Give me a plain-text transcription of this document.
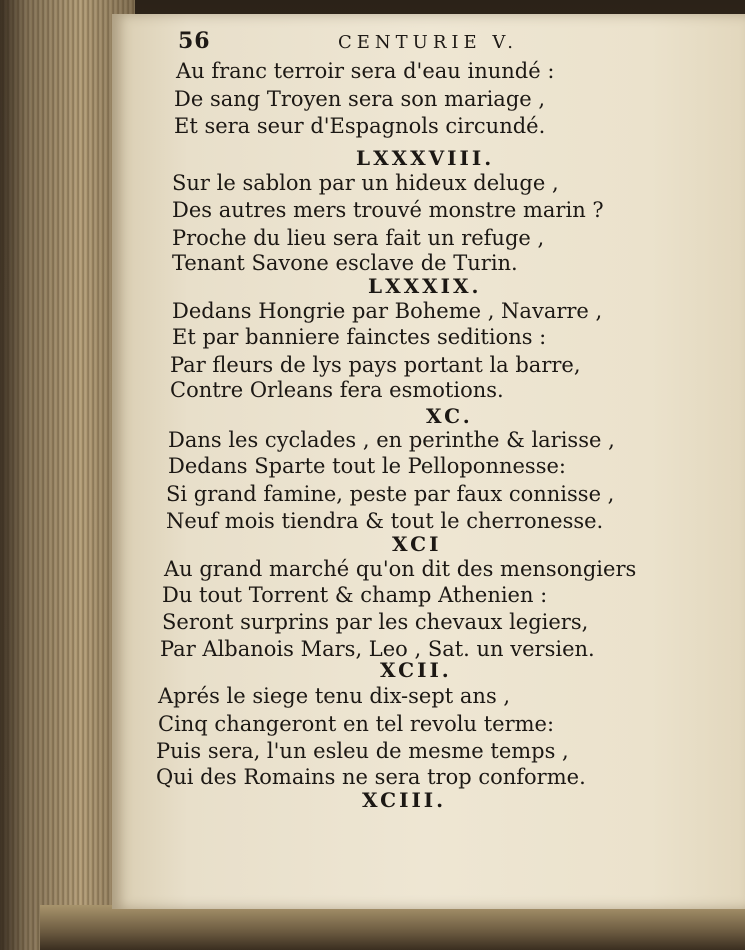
56	CENTURIE V.
Au franc terroir sera d'eau inundé :
De sang Troyen sera son mariage ,
Et sera seur d'Espagnols circundé.
LXXXVIII.
Sur le sablon par un hideux deluge ,
Des autres mers trouvé monstre marin ?
Proche du lieu sera fait un refuge ,
Tenant Savone esclave de Turin.
LXXXIX.
Dedans Hongrie par Boheme , Navarre ,
Et par banniere fainctes seditions :
Par fleurs de lys pays portant la barre,
Contre Orleans fera esmotions.
XC.
Dans les cyclades , en perinthe & larisse ,
Dedans Sparte tout le Pelloponnesse:
Si grand famine, peste par faux connisse ,
Neuf mois tiendra & tout le cherronesse.
XCI
Au grand marché qu'on dit des mensongiers
Du tout Torrent & champ Athenien :
Seront surprins par les chevaux legiers,
Par Albanois Mars, Leo , Sat. un versien.
XCII.
Aprés le siege tenu dix-sept ans ,
Cinq changeront en tel revolu terme:
Puis sera, l'un esleu de mesme temps ,
Qui des Romains ne sera trop conforme.
XCIII.
